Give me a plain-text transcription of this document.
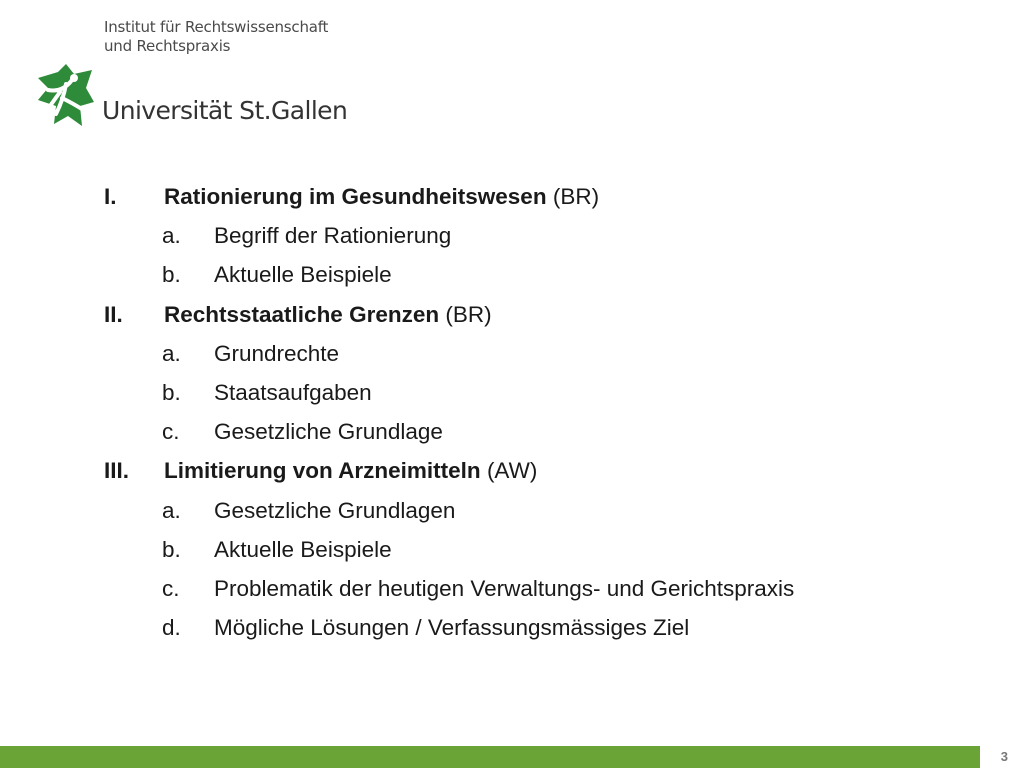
Institut für Rechtswissenschaft
und Rechtspraxis
Universität St.Gallen
I. Rationierung im Gesundheitswesen (BR)
a. Begriff der Rationierung
b. Aktuelle Beispiele
II. Rechtsstaatliche Grenzen (BR)
a. Grundrechte
b. Staatsaufgaben
c. Gesetzliche Grundlage
III. Limitierung von Arzneimitteln (AW)
a. Gesetzliche Grundlagen
b. Aktuelle Beispiele
c. Problematik der heutigen Verwaltungs- und Gerichtspraxis
d. Mögliche Lösungen / Verfassungsmässiges Ziel
3
